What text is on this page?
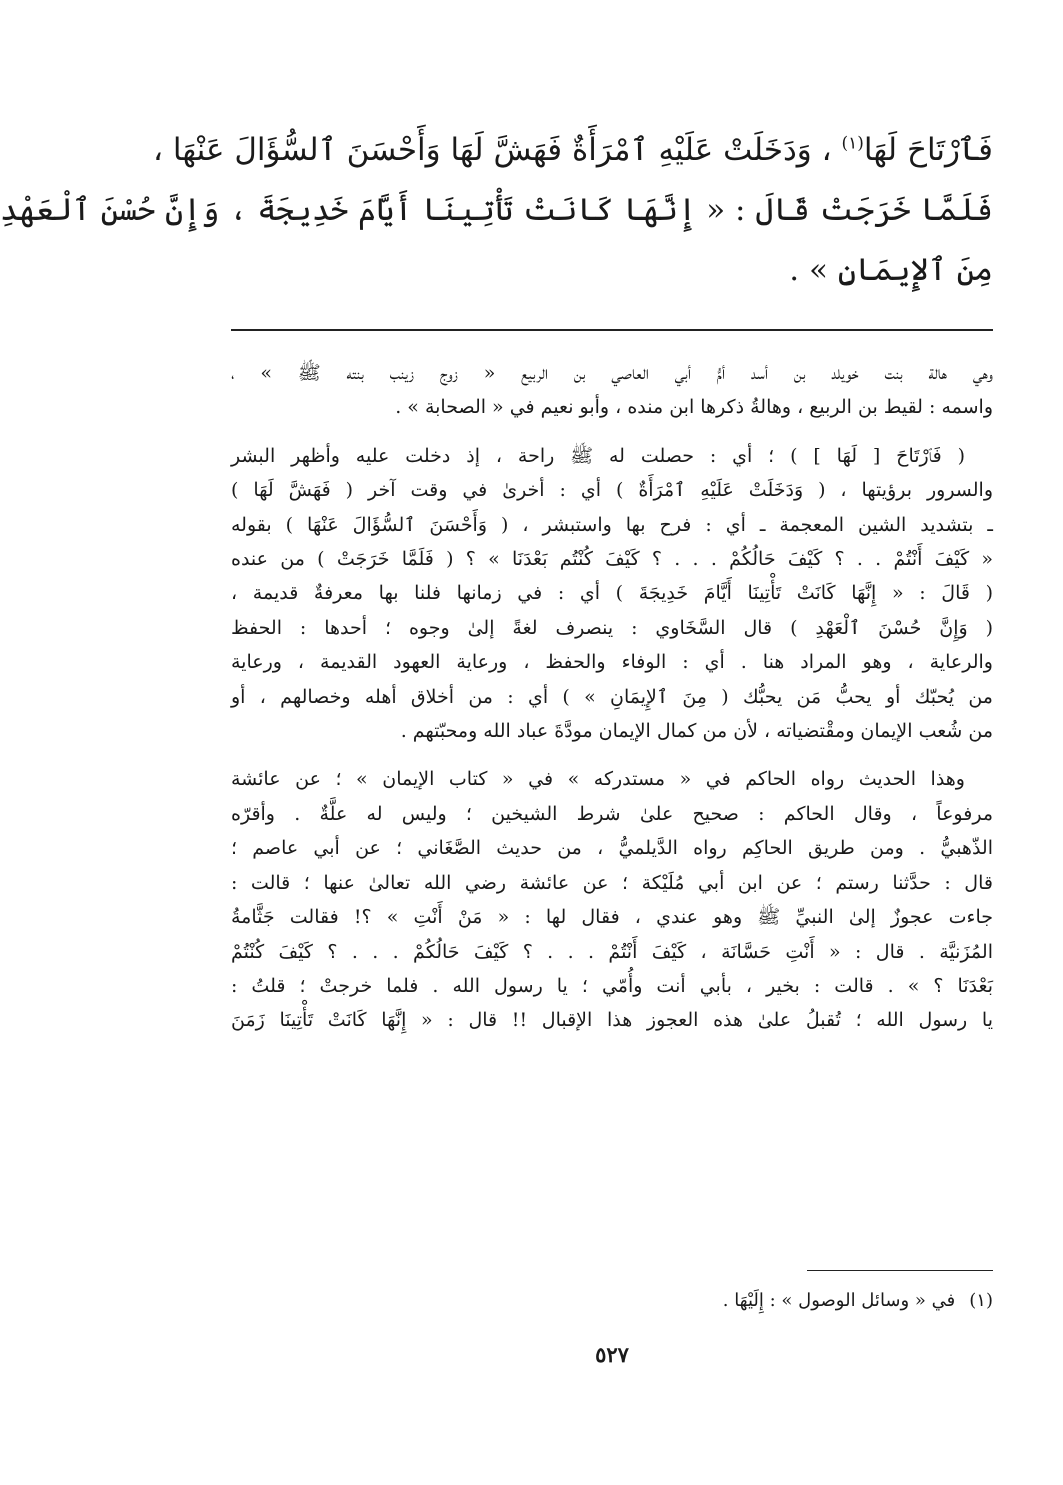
فَٱرْتَاحَ لَهَا$^{(١)}$ ، وَدَخَلَتْ عَلَيْهِ ٱمْرَأَةٌ فَهَشَّ لَهَا وَأَحْسَنَ ٱلسُّؤَالَ عَنْهَا ،
فَلَمَّا خَرَجَتْ قَالَ : « إِنَّهَا كَانَتْ تَأْتِينَا أَيَّامَ خَدِيجَةَ ، وَإِنَّ حُسْنَ ٱلْعَهْدِ
مِنَ ٱلإِيمَانِ » .
وهي هالة بنت خويلد بن أسد أمُّ أبي العاصي بن الربيع « زوج زينب بنته ﷺ » ،
واسمه : لقيط بن الربيع ، وهالةُ ذكرها ابن منده ، وأبو نعيم في « الصحابة » .
( فَٱرْتَاحَ [ لَهَا ] ) ؛ أي : حصلت له ﷺ راحة ، إذ دخلت عليه وأظهر البشر
والسرور برؤيتها ، ( وَدَخَلَتْ عَلَيْهِ ٱمْرَأَةٌ ) أي : أخرىٰ في وقت آخر ( فَهَشَّ لَهَا )
ـ بتشديد الشين المعجمة ـ أي : فرح بها واستبشر ، ( وَأَحْسَنَ ٱلسُّؤَالَ عَنْهَا ) بقوله
« كَيْفَ أَنْتُمْ . . ؟ كَيْفَ حَالُكُمْ . . . ؟ كَيْفَ كُنْتُم بَعْدَنَا » ؟ ( فَلَمَّا خَرَجَتْ ) من عنده
( قَالَ : « إِنَّهَا كَانَتْ تَأْتِينَا أَيَّامَ خَدِيجَةَ ) أي : في زمانها فلنا بها معرفةٌ قديمة ،
( وَإِنَّ حُسْنَ ٱلْعَهْدِ ) قال السَّخَاوي : ينصرف لغةً إلىٰ وجوه ؛ أحدها : الحفظ
والرعاية ، وهو المراد هنا . أي : الوفاء والحفظ ، ورعاية العهود القديمة ، ورعاية
من يُحبّك أو يحبُّ مَن يحبُّك ( مِنَ ٱلإِيمَانِ » ) أي : من أخلاق أهله وخصالهم ، أو
من شُعب الإيمان ومقْتضياته ، لأن من كمال الإيمان مودَّةَ عباد الله ومحبّتهم .
وهذا الحديث رواه الحاكم في « مستدركه » في « كتاب الإيمان » ؛ عن عائشة
مرفوعاً ، وقال الحاكم : صحيح علىٰ شرط الشيخين ؛ وليس له علَّةٌ . وأقرّه
الذّهبيُّ . ومن طريق الحاكِم رواه الدَّيلميُّ ، من حديث الصَّغَاني ؛ عن أبي عاصم ؛
قال : حدَّثنا رستم ؛ عن ابن أبي مُلَيْكة ؛ عن عائشة رضي الله تعالىٰ عنها ؛ قالت :
جاءت عجوزٌ إلىٰ النبيِّ ﷺ وهو عندي ، فقال لها : « مَنْ أَنْتِ » ؟! فقالت جَثَّامةُ
المُزَنيَّة . قال : « أَنْتِ حَسَّانَة ، كَيْفَ أَنْتُمْ . . . ؟ كَيْفَ حَالُكُمْ . . . ؟ كَيْفَ كُنْتُمْ
بَعْدَنَا ؟ » . قالت : بخير ، بأبي أنت وأُمّي ؛ يا رسول الله . فلما خرجتْ ؛ قلتُ :
يا رسول الله ؛ تُقبلُ علىٰ هذه العجوز هذا الإقبال !! قال : « إِنَّهَا كَانَتْ تَأْتِينَا زَمَنَ
(١)في « وسائل الوصول » : إِلَيْهَا .
٥٢٧
